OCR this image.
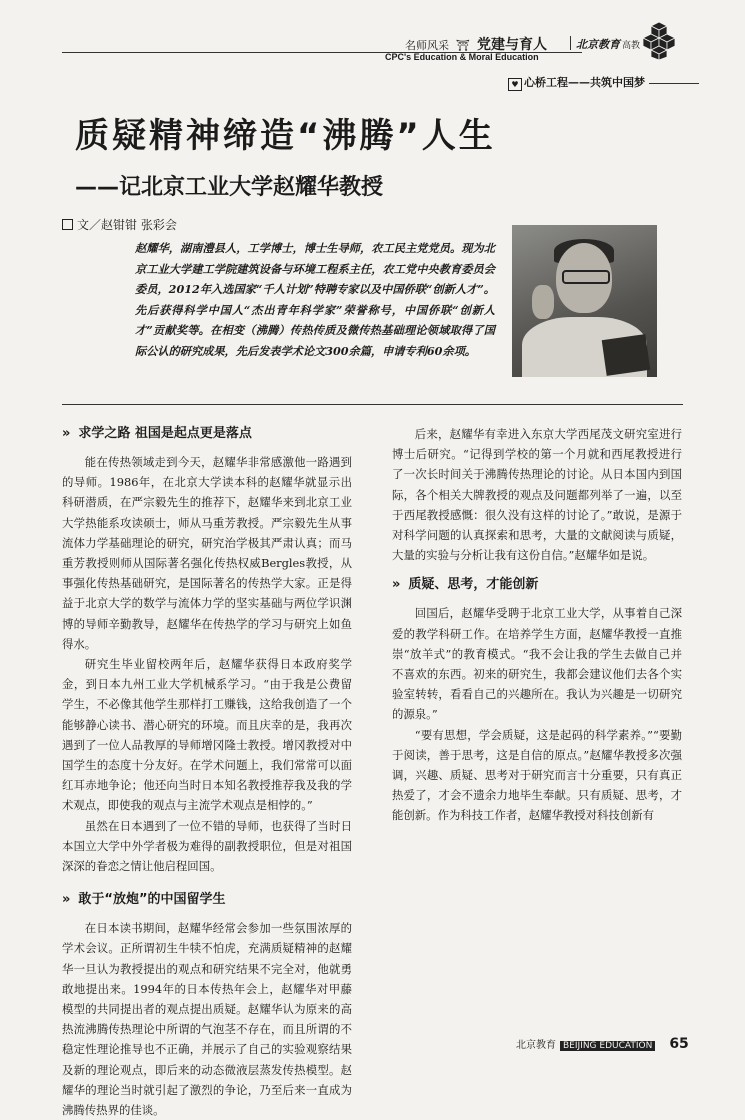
名师风采  ⛩  党建与育人	北京教育 高教
CPC's Education & Moral Education
♥ 心桥工程——共筑中国梦
质疑精神缔造“沸腾”人生
——记北京工业大学赵耀华教授
文／赵钳钳 张彩会
赵耀华，湖南澧县人，工学博士，博士生导师，农工民主党党员。现为北京工业大学建工学院建筑设备与环境工程系主任，农工党中央教育委员会委员，2012年入选国家“千人计划”特聘专家以及中国侨联“创新人才”。先后获得科学中国人“杰出青年科学家”荣誉称号，中国侨联“创新人才”贡献奖等。在相变（沸腾）传热传质及微传热基础理论领域取得了国际公认的研究成果，先后发表学术论文300余篇，申请专利60余项。
» 求学之路 祖国是起点更是落点

能在传热领域走到今天，赵耀华非常感激他一路遇到的导师。1986年，在北京大学读本科的赵耀华就显示出科研潜质，在严宗毅先生的推荐下，赵耀华来到北京工业大学热能系攻读硕士，师从马重芳教授。严宗毅先生从事流体力学基础理论的研究，研究治学极其严肃认真；而马重芳教授则师从国际著名强化传热权威Bergles教授，从事强化传热基础研究，是国际著名的传热学大家。正是得益于北京大学的数学与流体力学的坚实基础与两位学识渊博的导师辛勤教导，赵耀华在传热学的学习与研究上如鱼得水。

研究生毕业留校两年后，赵耀华获得日本政府奖学金，到日本九州工业大学机械系学习。“由于我是公费留学生，不必像其他学生那样打工赚钱，这给我创造了一个能够静心读书、潜心研究的环境。而且庆幸的是，我再次遇到了一位人品教厚的导师增冈隆士教授。增冈教授对中国学生的态度十分友好。在学术问题上，我们常常可以面红耳赤地争论；他还向当时日本知名教授推荐我及我的学术观点，即使我的观点与主流学术观点是相悖的。”

虽然在日本遇到了一位不错的导师，也获得了当时日本国立大学中外学者极为难得的副教授职位，但是对祖国深深的眷恋之情让他启程回国。

» 敢于“放炮”的中国留学生

在日本读书期间，赵耀华经常会参加一些氛围浓厚的学术会议。正所谓初生牛犊不怕虎，充满质疑精神的赵耀华一旦认为教授提出的观点和研究结果不完全对，他就勇敢地提出来。1994年的日本传热年会上，赵耀华对甲藤模型的共同提出者的观点提出质疑。赵耀华认为原来的高热流沸腾传热理论中所谓的气泡茎不存在，而且所谓的不稳定性理论推导也不正确，并展示了自己的实验观察结果及新的理论观点，即后来的动态微液层蒸发传热模型。赵耀华的理论当时就引起了激烈的争论，乃至后来一直成为沸腾传热界的佳谈。

后来，赵耀华有幸进入东京大学西尾茂文研究室进行博士后研究。“记得到学校的第一个月就和西尾教授进行了一次长时间关于沸腾传热理论的讨论。从日本国内到国际，各个相关大牌教授的观点及问题都列举了一遍，以至于西尾教授感慨：很久没有这样的讨论了。”敢说，是源于对科学问题的认真探索和思考，大量的文献阅读与质疑，大量的实验与分析让我有这份自信。”赵耀华如是说。

» 质疑、思考，才能创新

回国后，赵耀华受聘于北京工业大学，从事着自己深爱的教学科研工作。在培养学生方面，赵耀华教授一直推崇“放羊式”的教育模式。“我不会让我的学生去做自己并不喜欢的东西。初来的研究生，我都会建议他们去各个实验室转转，看看自己的兴趣所在。我认为兴趣是一切研究的源泉。”

“要有思想，学会质疑，这是起码的科学素养。”“要勤于阅读，善于思考，这是自信的原点。”赵耀华教授多次强调，兴趣、质疑、思考对于研究而言十分重要，只有真正热爱了，才会不遗余力地毕生奉献。只有质疑、思考，才能创新。作为科技工作者，赵耀华教授对科技创新有

北京教育 BEIJING EDUCATION 65
